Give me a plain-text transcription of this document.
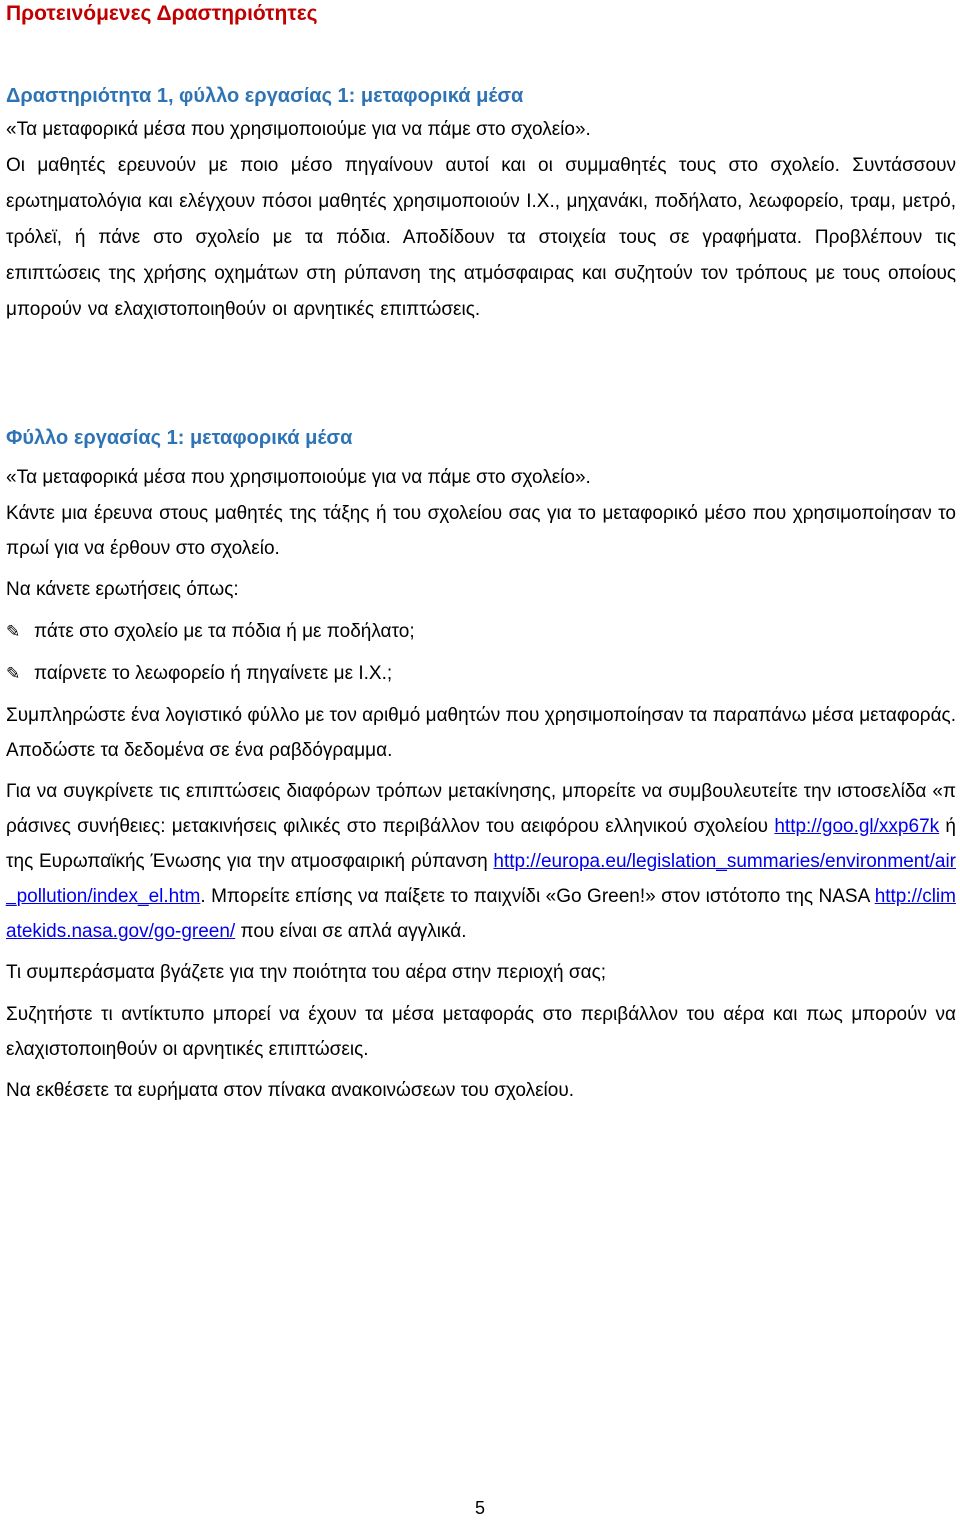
Προτεινόμενες Δραστηριότητες
Δραστηριότητα 1, φύλλο εργασίας 1: μεταφορικά μέσα
«Τα μεταφορικά μέσα που χρησιμοποιούμε για να πάμε στο σχολείο».
Οι μαθητές ερευνούν με ποιο μέσο πηγαίνουν αυτοί και οι συμμαθητές τους στο σχολείο. Συντάσσουν ερωτηματολόγια και ελέγχουν πόσοι μαθητές χρησιμοποιούν Ι.Χ., μηχανάκι, ποδήλατο, λεωφορείο, τραμ, μετρό, τρόλεϊ, ή πάνε στο σχολείο με τα πόδια. Αποδίδουν τα στοιχεία τους σε γραφήματα. Προβλέπουν τις επιπτώσεις της χρήσης οχημάτων στη ρύπανση της ατμόσφαιρας και συζητούν τον τρόπους με τους οποίους μπορούν να ελαχιστοποιηθούν οι αρνητικές επιπτώσεις.
Φύλλο εργασίας 1: μεταφορικά μέσα
«Τα μεταφορικά μέσα που χρησιμοποιούμε για να πάμε στο σχολείο».
Κάντε μια έρευνα στους μαθητές της τάξης ή του σχολείου σας για το μεταφορικό μέσο που χρησιμοποίησαν το πρωί για να έρθουν στο σχολείο.
Να κάνετε ερωτήσεις όπως:
✎ πάτε στο σχολείο με τα πόδια ή με ποδήλατο;
✎ παίρνετε το λεωφορείο ή πηγαίνετε με Ι.Χ.;
Συμπληρώστε ένα λογιστικό φύλλο με τον αριθμό μαθητών που χρησιμοποίησαν τα παραπάνω μέσα μεταφοράς. Αποδώστε τα δεδομένα σε ένα ραβδόγραμμα.
Για να συγκρίνετε τις επιπτώσεις διαφόρων τρόπων μετακίνησης, μπορείτε να συμβουλευτείτε την ιστοσελίδα «πράσινες συνήθειες: μετακινήσεις φιλικές στο περιβάλλον του αειφόρου ελληνικού σχολείου http://goo.gl/xxp67k ή της Ευρωπαϊκής Ένωσης για την ατμοσφαιρική ρύπανση http://europa.eu/legislation_summaries/environment/air_pollution/index_el.htm. Μπορείτε επίσης να παίξετε το παιχνίδι «Go Green!» στον ιστότοπο της NASA http://climatekids.nasa.gov/go-green/ που είναι σε απλά αγγλικά.
Τι συμπεράσματα βγάζετε για την ποιότητα του αέρα στην περιοχή σας;
Συζητήστε τι αντίκτυπο μπορεί να έχουν τα μέσα μεταφοράς στο περιβάλλον του αέρα και πως μπορούν να ελαχιστοποιηθούν οι αρνητικές επιπτώσεις.
Να εκθέσετε τα ευρήματα στον πίνακα ανακοινώσεων του σχολείου.
5
